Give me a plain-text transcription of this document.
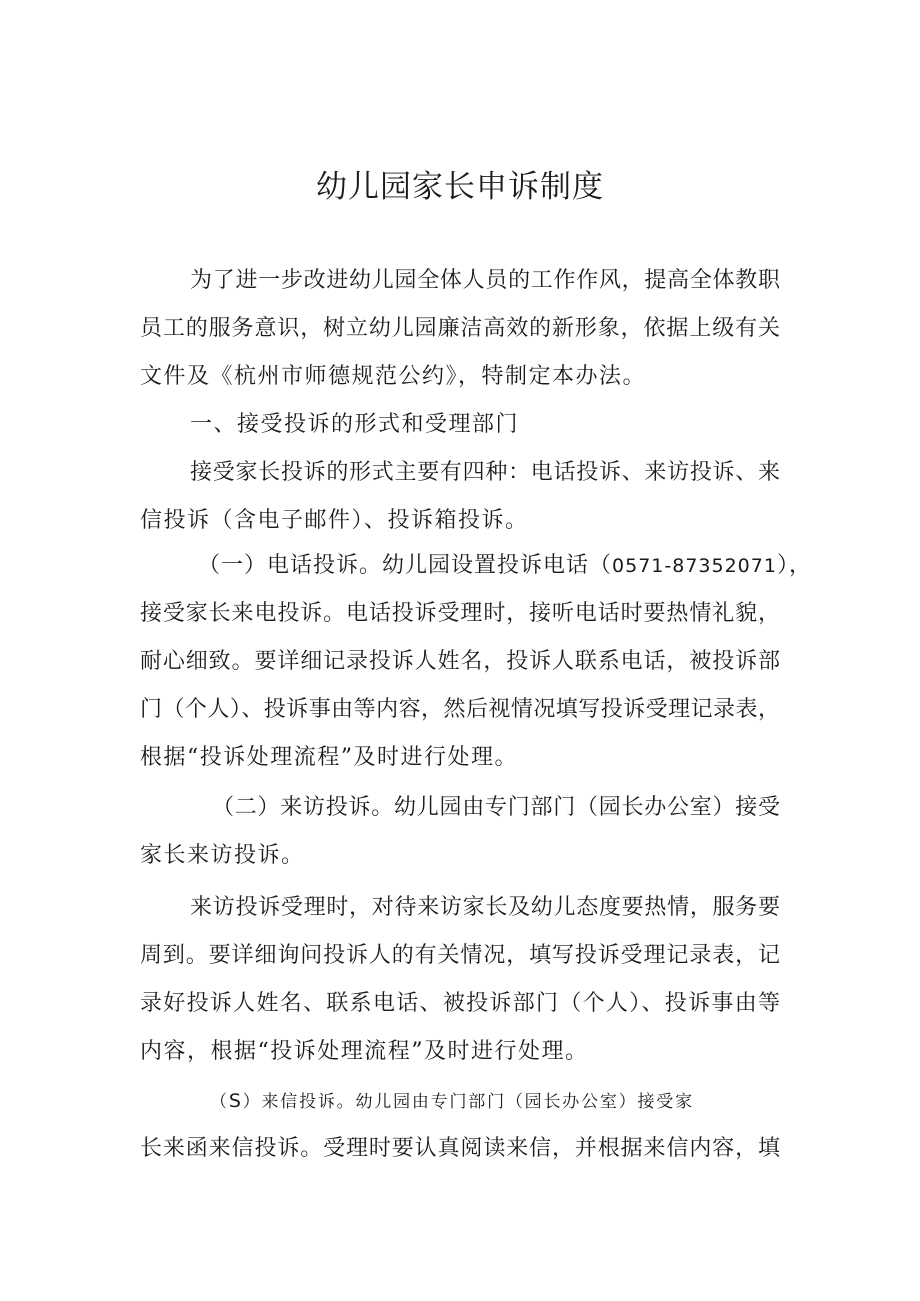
幼儿园家长申诉制度

为了进一步改进幼儿园全体人员的工作作风，提高全体教职

员工的服务意识，树立幼儿园廉洁高效的新形象，依据上级有关

文件及《杭州市师德规范公约》，特制定本办法。

一、接受投诉的形式和受理部门

接受家长投诉的形式主要有四种：电话投诉、来访投诉、来

信投诉（含电子邮件）、投诉箱投诉。

（一）电话投诉。幼儿园设置投诉电话（0571-87352071），

接受家长来电投诉。电话投诉受理时，接听电话时要热情礼貌，

耐心细致。要详细记录投诉人姓名，投诉人联系电话，被投诉部

门（个人）、投诉事由等内容，然后视情况填写投诉受理记录表，

根据“投诉处理流程”及时进行处理。

（二）来访投诉。幼儿园由专门部门（园长办公室）接受

家长来访投诉。

来访投诉受理时，对待来访家长及幼儿态度要热情，服务要

周到。要详细询问投诉人的有关情况，填写投诉受理记录表，记

录好投诉人姓名、联系电话、被投诉部门（个人）、投诉事由等

内容，根据“投诉处理流程”及时进行处理。

（S）来信投诉。幼儿园由专门部门（园长办公室）接受家

长来函来信投诉。受理时要认真阅读来信，并根据来信内容，填
